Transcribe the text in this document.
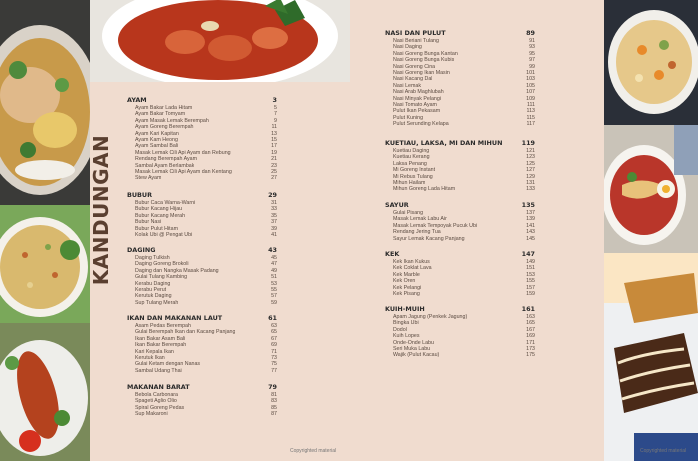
KANDUNGAN
AYAM	3
Ayam Bakar Lada Hitam	5
Ayam Bakar Tomyam	7
Ayam Masak Lemak Berempah	9
Ayam Goreng Berempah	11
Ayam Kari Kapitan	13
Ayam Kam Heong	15
Ayam Sambal Bali	17
Masak Lemak Cili Api Ayam dan Rebung	19
Rendang Berempah Ayam	21
Sambal Ayam Berlambak	23
Masak Lemak Cili Api Ayam dan Kentang	25
Stew Ayam	27
BUBUR	29
Bubur Caca Warna-Warni	31
Bubur Kacang Hijau	33
Bubur Kacang Merah	35
Bubur Nasi	37
Bubur Pulut Hitam	39
Kolak Ubi @ Pengat Ubi	41
DAGING	43
Daging Tulkish	45
Daging Goreng Brokoli	47
Daging dan Nangka Masak Padang	49
Gulai Tulang Kambing	51
Kerabu Daging	53
Kerabu Perut	55
Kerutuk Daging	57
Sup Tulang Merah	59
IKAN DAN MAKANAN LAUT	61
Asam Pedas Berempah	63
Gulai Berempah Ikan dan Kacang Panjang	65
Ikan Bakar Asam Bali	67
Ikan Bakar Berempah	69
Kari Kepala Ikan	71
Kerutuk Ikan	73
Gulai Ketam dengan Nanas	75
Sambal Udang Thai	77
MAKANAN BARAT	79
Bebola Carbonara	81
Spageti Aglio Olio	83
Spiral Goreng Pedas	85
Sup Makaroni	87
NASI DAN PULUT	89
Nasi Beriani Tulang	91
Nasi Daging	93
Nasi Goreng Bunga Kantan	95
Nasi Goreng Bunga Kubis	97
Nasi Goreng Cina	99
Nasi Goreng Ikan Masin	101
Nasi Kacang Dal	103
Nasi Lemak	105
Nasi Arab Maghlubah	107
Nasi Minyak Pelangi	109
Nasi Tomato Ayam	111
Pulut Ikan Pekasam	113
Pulut Kuning	115
Pulut Serunding Kelapa	117
KUETIAU, LAKSA, MI DAN MIHUN	119
Kuetiau Daging	121
Kuetiau Kerang	123
Laksa Penang	125
Mi Goreng Instant	127
Mi Rebus Tulang	129
Mihun Hailam	131
Mihun Goreng Lada Hitam	133
SAYUR	135
Gulai Pisang	137
Masak Lemak Labu Air	139
Masak Lemak Tempoyak Pucuk Ubi	141
Rendang Jering Tua	143
Sayur Lemak Kacang Panjang	145
KEK	147
Kek Ikan Kukus	149
Kek Coklat Lava	151
Kek Marble	153
Kek Oren	155
Kek Pelangi	157
Kek Pisang	159
KUIH-MUIH	161
Apam Jagung (Penkek Jagung)	163
Bingka Ubi	165
Dodol	167
Kuih Lopes	169
Onde-Onde Labu	171
Seri Muka Labu	173
Wajik (Pulut Kacau)	175
Copyrighted material	Copyrighted material
